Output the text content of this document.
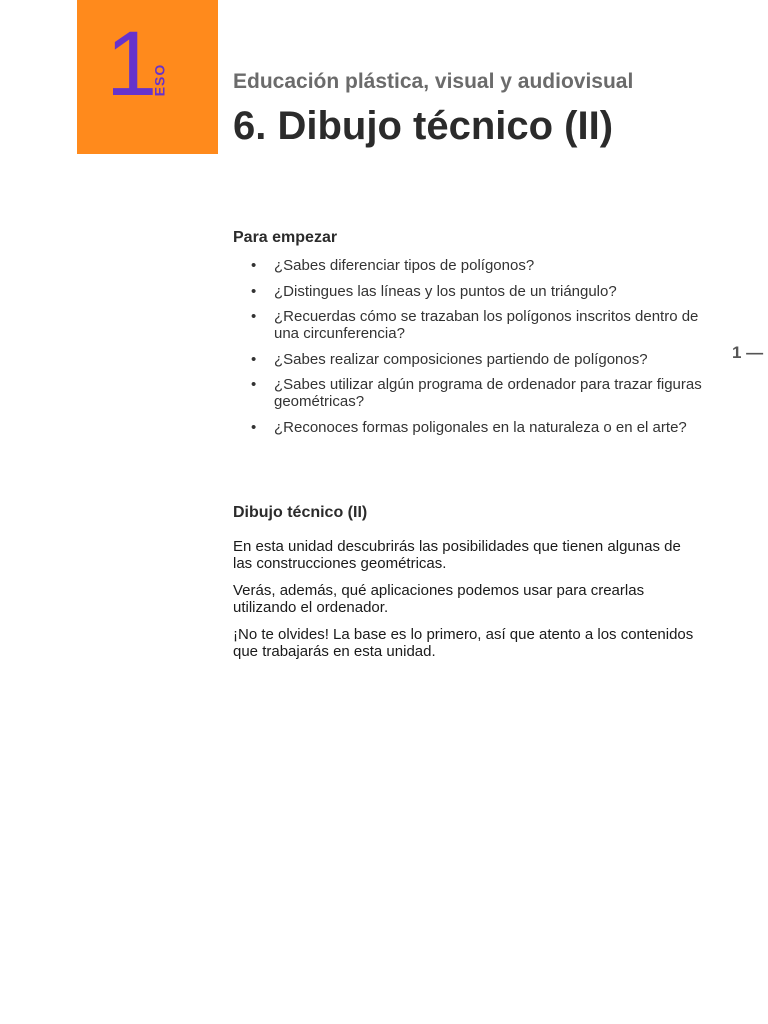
1
ESO	Educación plástica, visual y audiovisual
6. Dibujo técnico (II)
1 —
Para empezar
• ¿Sabes diferenciar tipos de polígonos?
• ¿Distingues las líneas y los puntos de un triángulo?
• ¿Recuerdas cómo se trazaban los polígonos inscritos dentro de una circunferencia?
• ¿Sabes realizar composiciones partiendo de polígonos?
• ¿Sabes utilizar algún programa de ordenador para trazar figuras geométricas?
• ¿Reconoces formas poligonales en la naturaleza o en el arte?
Dibujo técnico (II)

En esta unidad descubrirás las posibilidades que tienen algunas de las construcciones geométricas.

Verás, además, qué aplicaciones podemos usar para crearlas utilizando el ordenador.

¡No te olvides! La base es lo primero, así que atento a los contenidos que trabajarás en esta unidad.
